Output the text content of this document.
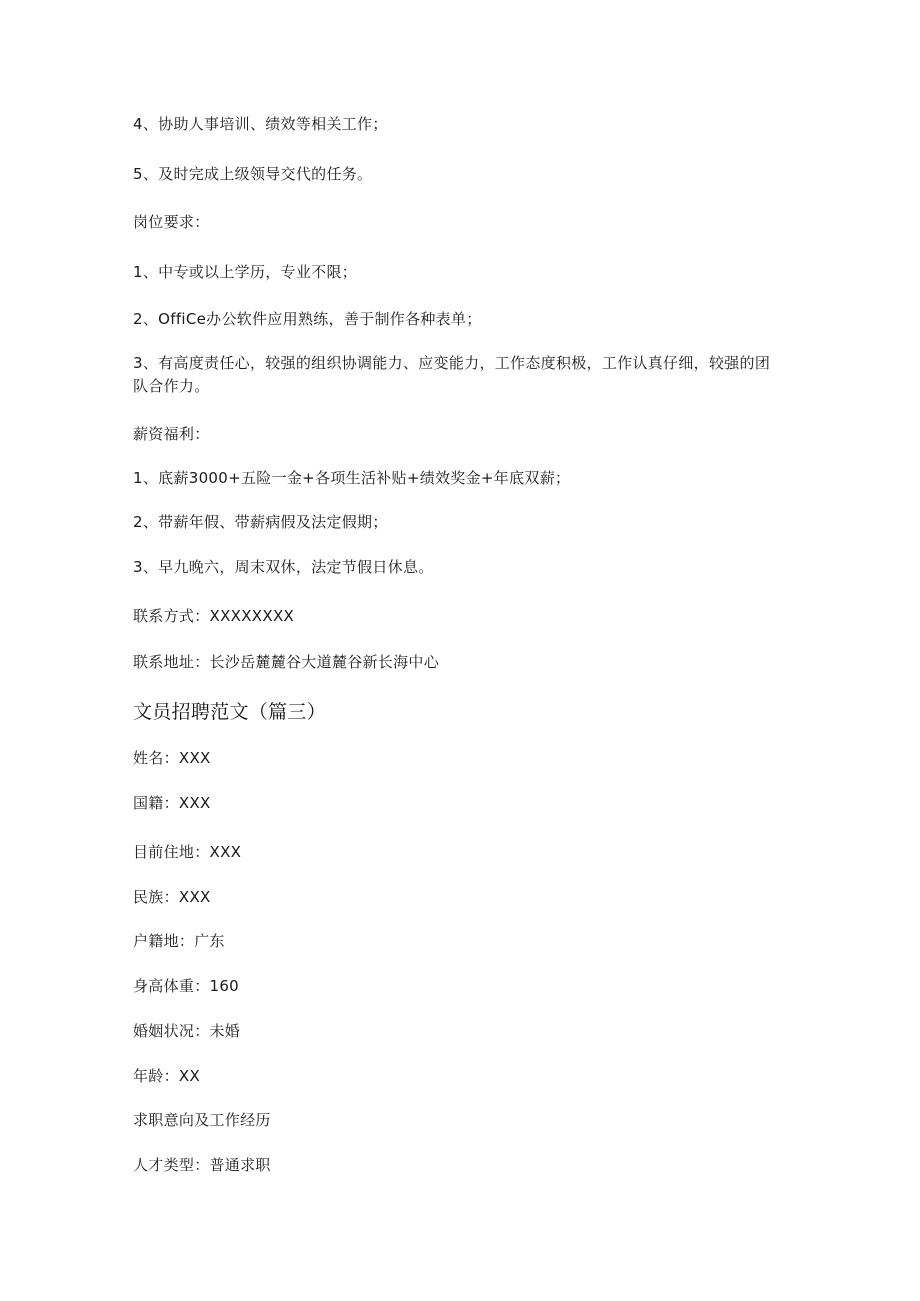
4、协助人事培训、绩效等相关工作；
5、及时完成上级领导交代的任务。
岗位要求：
1、中专或以上学历，专业不限；
2、OffiCe办公软件应用熟练，善于制作各种表单；
3、有高度责任心，较强的组织协调能力、应变能力，工作态度积极，工作认真仔细，较强的团队合作力。
薪资福利：
1、底薪3000+五险一金+各项生活补贴+绩效奖金+年底双薪；
2、带薪年假、带薪病假及法定假期；
3、早九晚六，周末双休，法定节假日休息。
联系方式：XXXXXXXX
联系地址：长沙岳麓麓谷大道麓谷新长海中心
文员招聘范文（篇三）
姓名：XXX
国籍：XXX
目前住地：XXX
民族：XXX
户籍地：广东
身高体重：160
婚姻状况：未婚
年龄：XX
求职意向及工作经历
人才类型：普通求职
